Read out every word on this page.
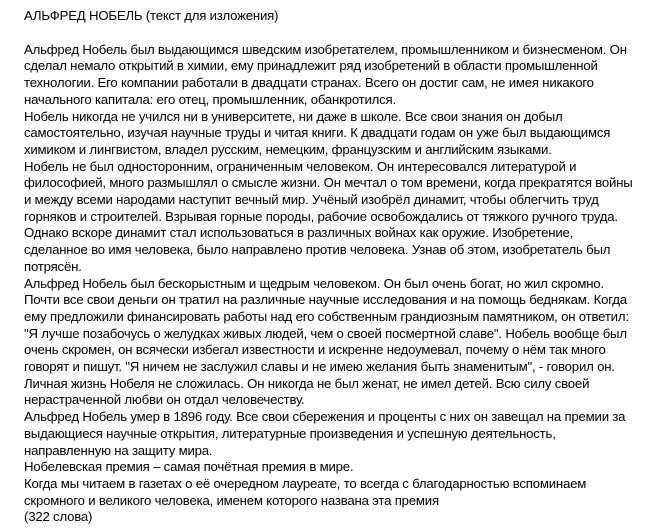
АЛЬФРЕД НОБЕЛЬ (текст для изложения)

Альфред Нобель был выдающимся шведским изобретателем, промышленником и бизнесменом. Он

сделал немало открытий в химии, ему принадлежит ряд изобретений в области промышленной

технологии. Его компании работали в двадцати странах. Всего он достиг сам, не имея никакого

начального капитала: его отец, промышленник, обанкротился.

Нобель никогда не учился ни в университете, ни даже в школе. Все свои знания он добыл

самостоятельно, изучая научные труды и читая книги. К двадцати годам он уже был выдающимся

химиком и лингвистом, владел русским, немецким, французским и английским языками.

Нобель не был односторонним, ограниченным человеком. Он интересовался литературой и

философией, много размышлял о смысле жизни. Он мечтал о том времени, когда прекратятся войны

и между всеми народами наступит вечный мир. Учёный изобрёл динамит, чтобы облегчить труд

горняков и строителей. Взрывая горные породы, рабочие освобождались от тяжкого ручного труда.

Однако вскоре динамит стал использоваться в различных войнах как оружие. Изобретение,

сделанное во имя человека, было направлено против человека. Узнав об этом, изобретатель был

потрясён.

Альфред Нобель был бескорыстным и щедрым человеком. Он был очень богат, но жил скромно.

Почти все свои деньги он тратил на различные научные исследования и на помощь беднякам. Когда

ему предложили финансировать работы над его собственным грандиозным памятником, он ответил:

"Я лучше позабочусь о желудках живых людей, чем о своей посмертной славе". Нобель вообще был

очень скромен, он всячески избегал известности и искренне недоумевал, почему о нём так много

говорят и пишут. "Я ничем не заслужил славы и не имею желания быть знаменитым", - говорил он.

Личная жизнь Нобеля не сложилась. Он никогда не был женат, не имел детей. Всю силу своей

нерастраченной любви он отдал человечеству.

Альфред Нобель умер в 1896 году. Все свои сбережения и проценты с них он завещал на премии за

выдающиеся научные открытия, литературные произведения и успешную деятельность,

направленную на защиту мира.

Нобелевская премия – самая почётная премия в мире.

Когда мы читаем в газетах о её очередном лауреате, то всегда с благодарностью вспоминаем

скромного и великого человека, именем которого названа эта премия

(322 слова)
